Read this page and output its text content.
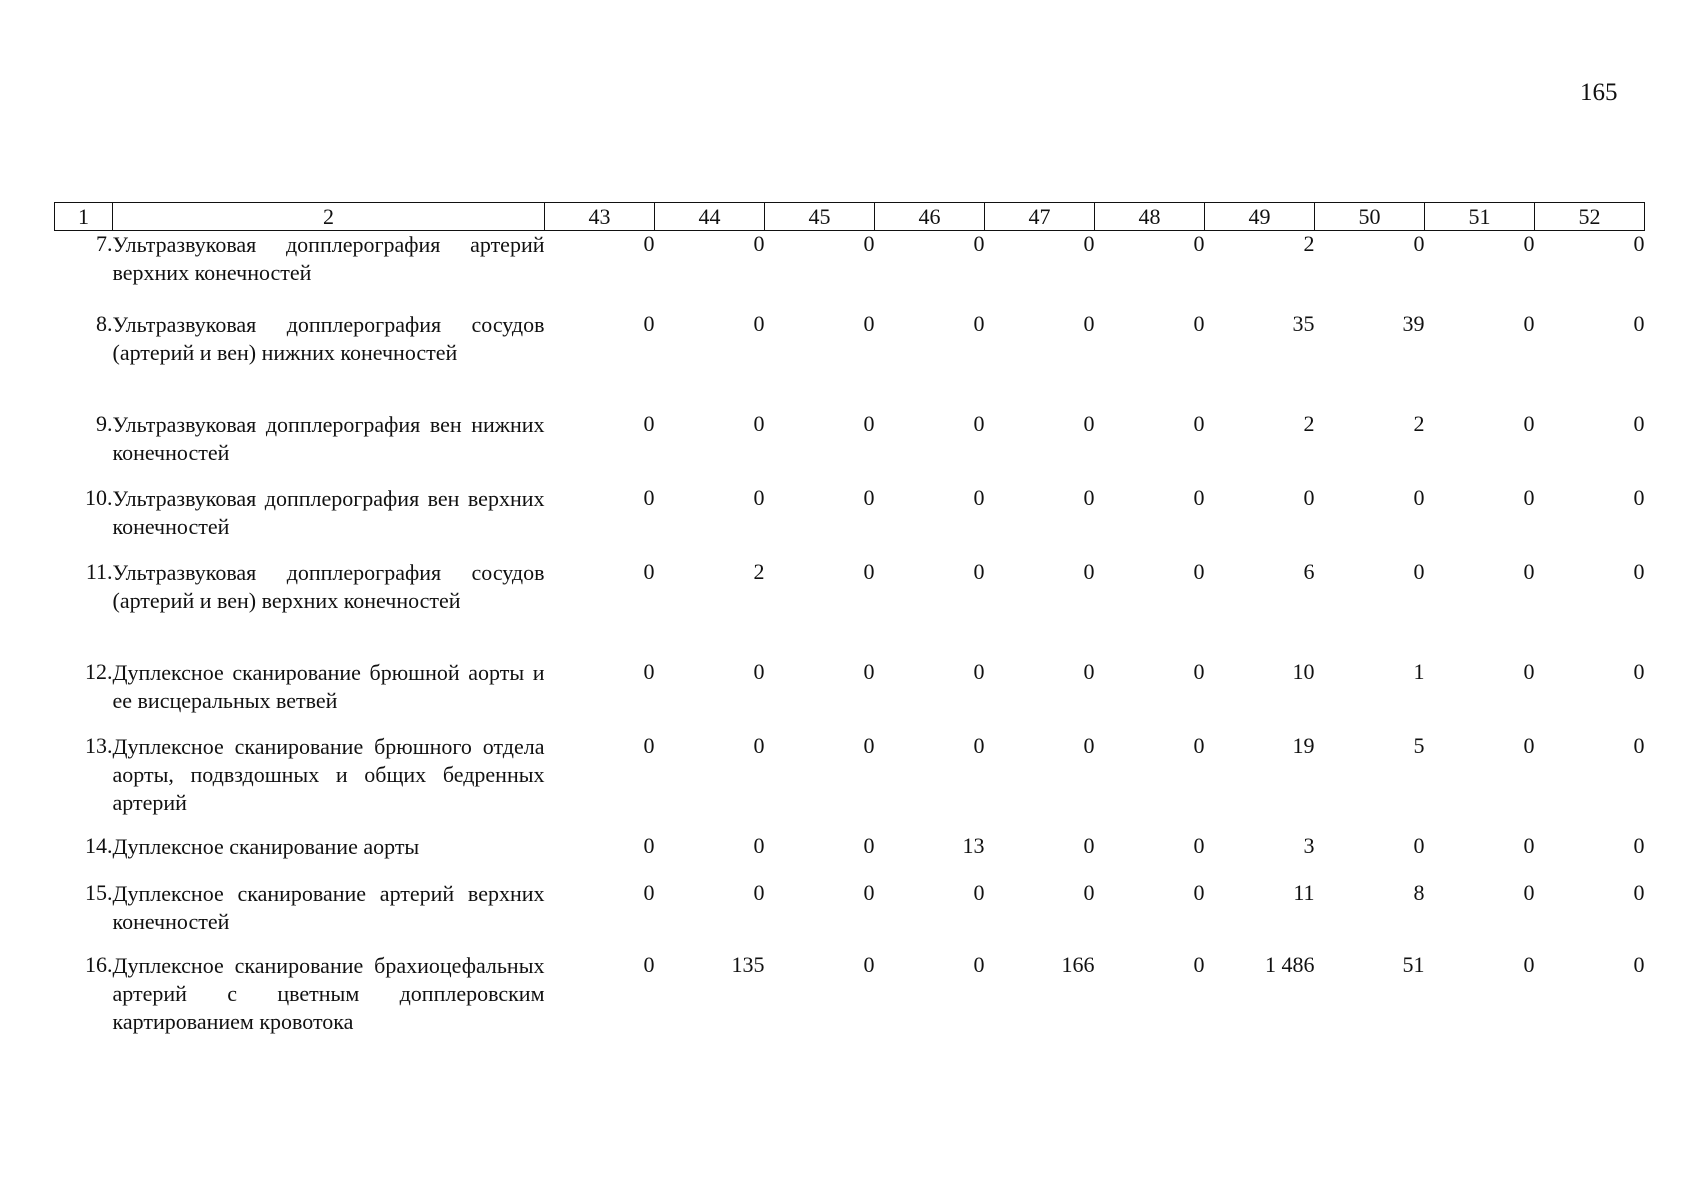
165
1	2	43	44	45	46	47	48	49	50	51	52
7.	Ультразвуковая допплерография артерий верхних конечностей	0	0	0	0	0	0	2	0	0	0
8.	Ультразвуковая допплерография сосудов (артерий и вен) нижних конечностей	0	0	0	0	0	0	35	39	0	0
9.	Ультразвуковая допплерография вен нижних конечностей	0	0	0	0	0	0	2	2	0	0
10.	Ультразвуковая допплерография вен верхних конечностей	0	0	0	0	0	0	0	0	0	0
11.	Ультразвуковая допплерография сосудов (артерий и вен) верхних конечностей	0	2	0	0	0	0	6	0	0	0
12.	Дуплексное сканирование брюшной аорты и ее висцеральных ветвей	0	0	0	0	0	0	10	1	0	0
13.	Дуплексное сканирование брюшного отдела аорты, подвздошных и общих бедренных артерий	0	0	0	0	0	0	19	5	0	0
14.	Дуплексное сканирование аорты	0	0	0	13	0	0	3	0	0	0
15.	Дуплексное сканирование артерий верхних конечностей	0	0	0	0	0	0	11	8	0	0
16.	Дуплексное сканирование брахиоцефальных артерий с цветным допплеровским картированием кровотока	0	135	0	0	166	0	1 486	51	0	0
